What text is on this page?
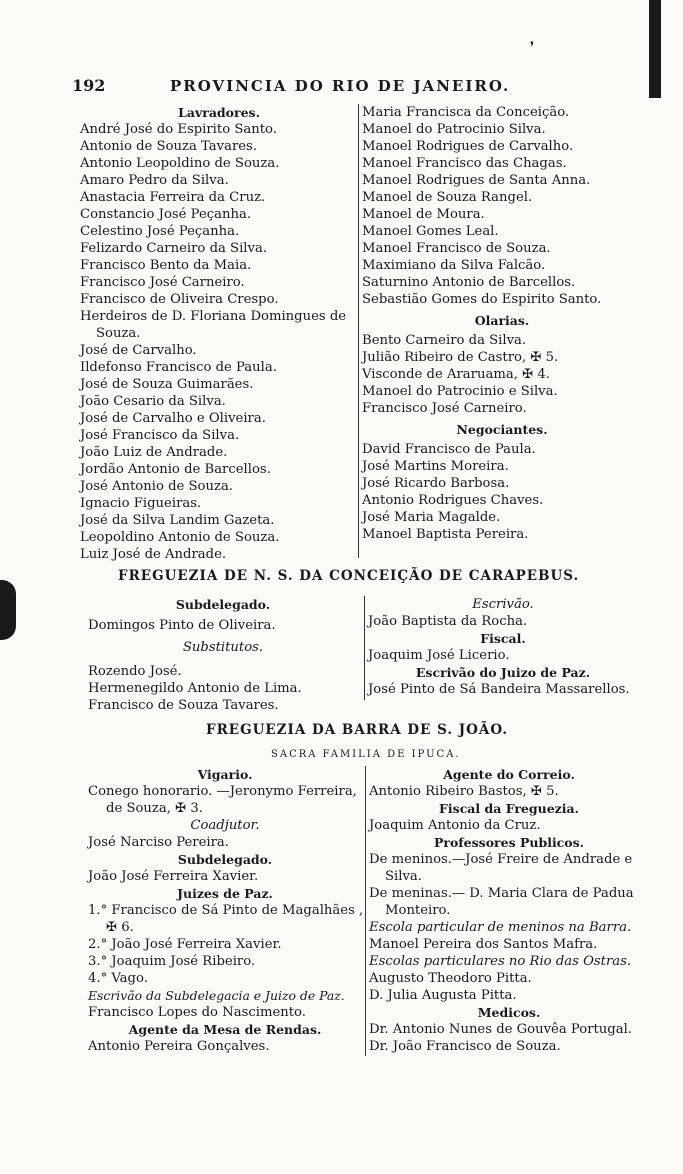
❜
192	PROVINCIA DO RIO DE JANEIRO.
Lavradores.
André José do Espirito Santo.
Antonio de Souza Tavares.
Antonio Leopoldino de Souza.
Amaro Pedro da Silva.
Anastacia Ferreira da Cruz.
Constancio José Peçanha.
Celestino José Peçanha.
Felizardo Carneiro da Silva.
Francisco Bento da Maia.
Francisco José Carneiro.
Francisco de Oliveira Crespo.
Herdeiros de D. Floriana Domingues de
Souza.
José de Carvalho.
Ildefonso Francisco de Paula.
José de Souza Guimarães.
João Cesario da Silva.
José de Carvalho e Oliveira.
José Francisco da Silva.
João Luiz de Andrade.
Jordão Antonio de Barcellos.
José Antonio de Souza.
Ignacio Figueiras.
José da Silva Landim Gazeta.
Leopoldino Antonio de Souza.
Luiz José de Andrade.
Maria Francisca da Conceição.
Manoel do Patrocinio Silva.
Manoel Rodrigues de Carvalho.
Manoel Francisco das Chagas.
Manoel Rodrigues de Santa Anna.
Manoel de Souza Rangel.
Manoel de Moura.
Manoel Gomes Leal.
Manoel Francisco de Souza.
Maximiano da Silva Falcão.
Saturnino Antonio de Barcellos.
Sebastião Gomes do Espirito Santo.
Olarias.
Bento Carneiro da Silva.
Julião Ribeiro de Castro, ✠ 5.
Visconde de Araruama, ✠ 4.
Manoel do Patrocinio e Silva.
Francisco José Carneiro.
Negociantes.
David Francisco de Paula.
José Martins Moreira.
José Ricardo Barbosa.
Antonio Rodrigues Chaves.
José Maria Magalde.
Manoel Baptista Pereira.
FREGUEZIA DE N. S. DA CONCEIÇÃO DE CARAPEBUS.
Subdelegado.
Domingos Pinto de Oliveira.
Substitutos.
Rozendo José.
Hermenegildo Antonio de Lima.
Francisco de Souza Tavares.
Escrivão.
João Baptista da Rocha.
Fiscal.
Joaquim José Licerio.
Escrivão do Juizo de Paz.
José Pinto de Sá Bandeira Massarellos.
FREGUEZIA DA BARRA DE S. JOÃO.
SACRA FAMILIA DE IPUCA.
Vigario.
Conego honorario. —Jeronymo Ferreira,
de Souza, ✠ 3.
Coadjutor.
José Narciso Pereira.
Subdelegado.
João José Ferreira Xavier.
Juizes de Paz.
1.° Francisco de Sá Pinto de Magalhães ,
✠ 6.
2.° João José Ferreira Xavier.
3.° Joaquim José Ribeiro.
4.° Vago.
Escrivão da Subdelegacia e Juizo de Paz.
Francisco Lopes do Nascimento.
Agente da Mesa de Rendas.
Antonio Pereira Gonçalves.
Agente do Correio.
Antonio Ribeiro Bastos, ✠ 5.
Fiscal da Freguezia.
Joaquim Antonio da Cruz.
Professores Publicos.
De meninos.—José Freire de Andrade e
Silva.
De meninas.— D. Maria Clara de Padua
Monteiro.
Escola particular de meninos na Barra.
Manoel Pereira dos Santos Mafra.
Escolas particulares no Rio das Ostras.
Augusto Theodoro Pitta.
D. Julia Augusta Pitta.
Medicos.
Dr. Antonio Nunes de Gouvêa Portugal.
Dr. João Francisco de Souza.
